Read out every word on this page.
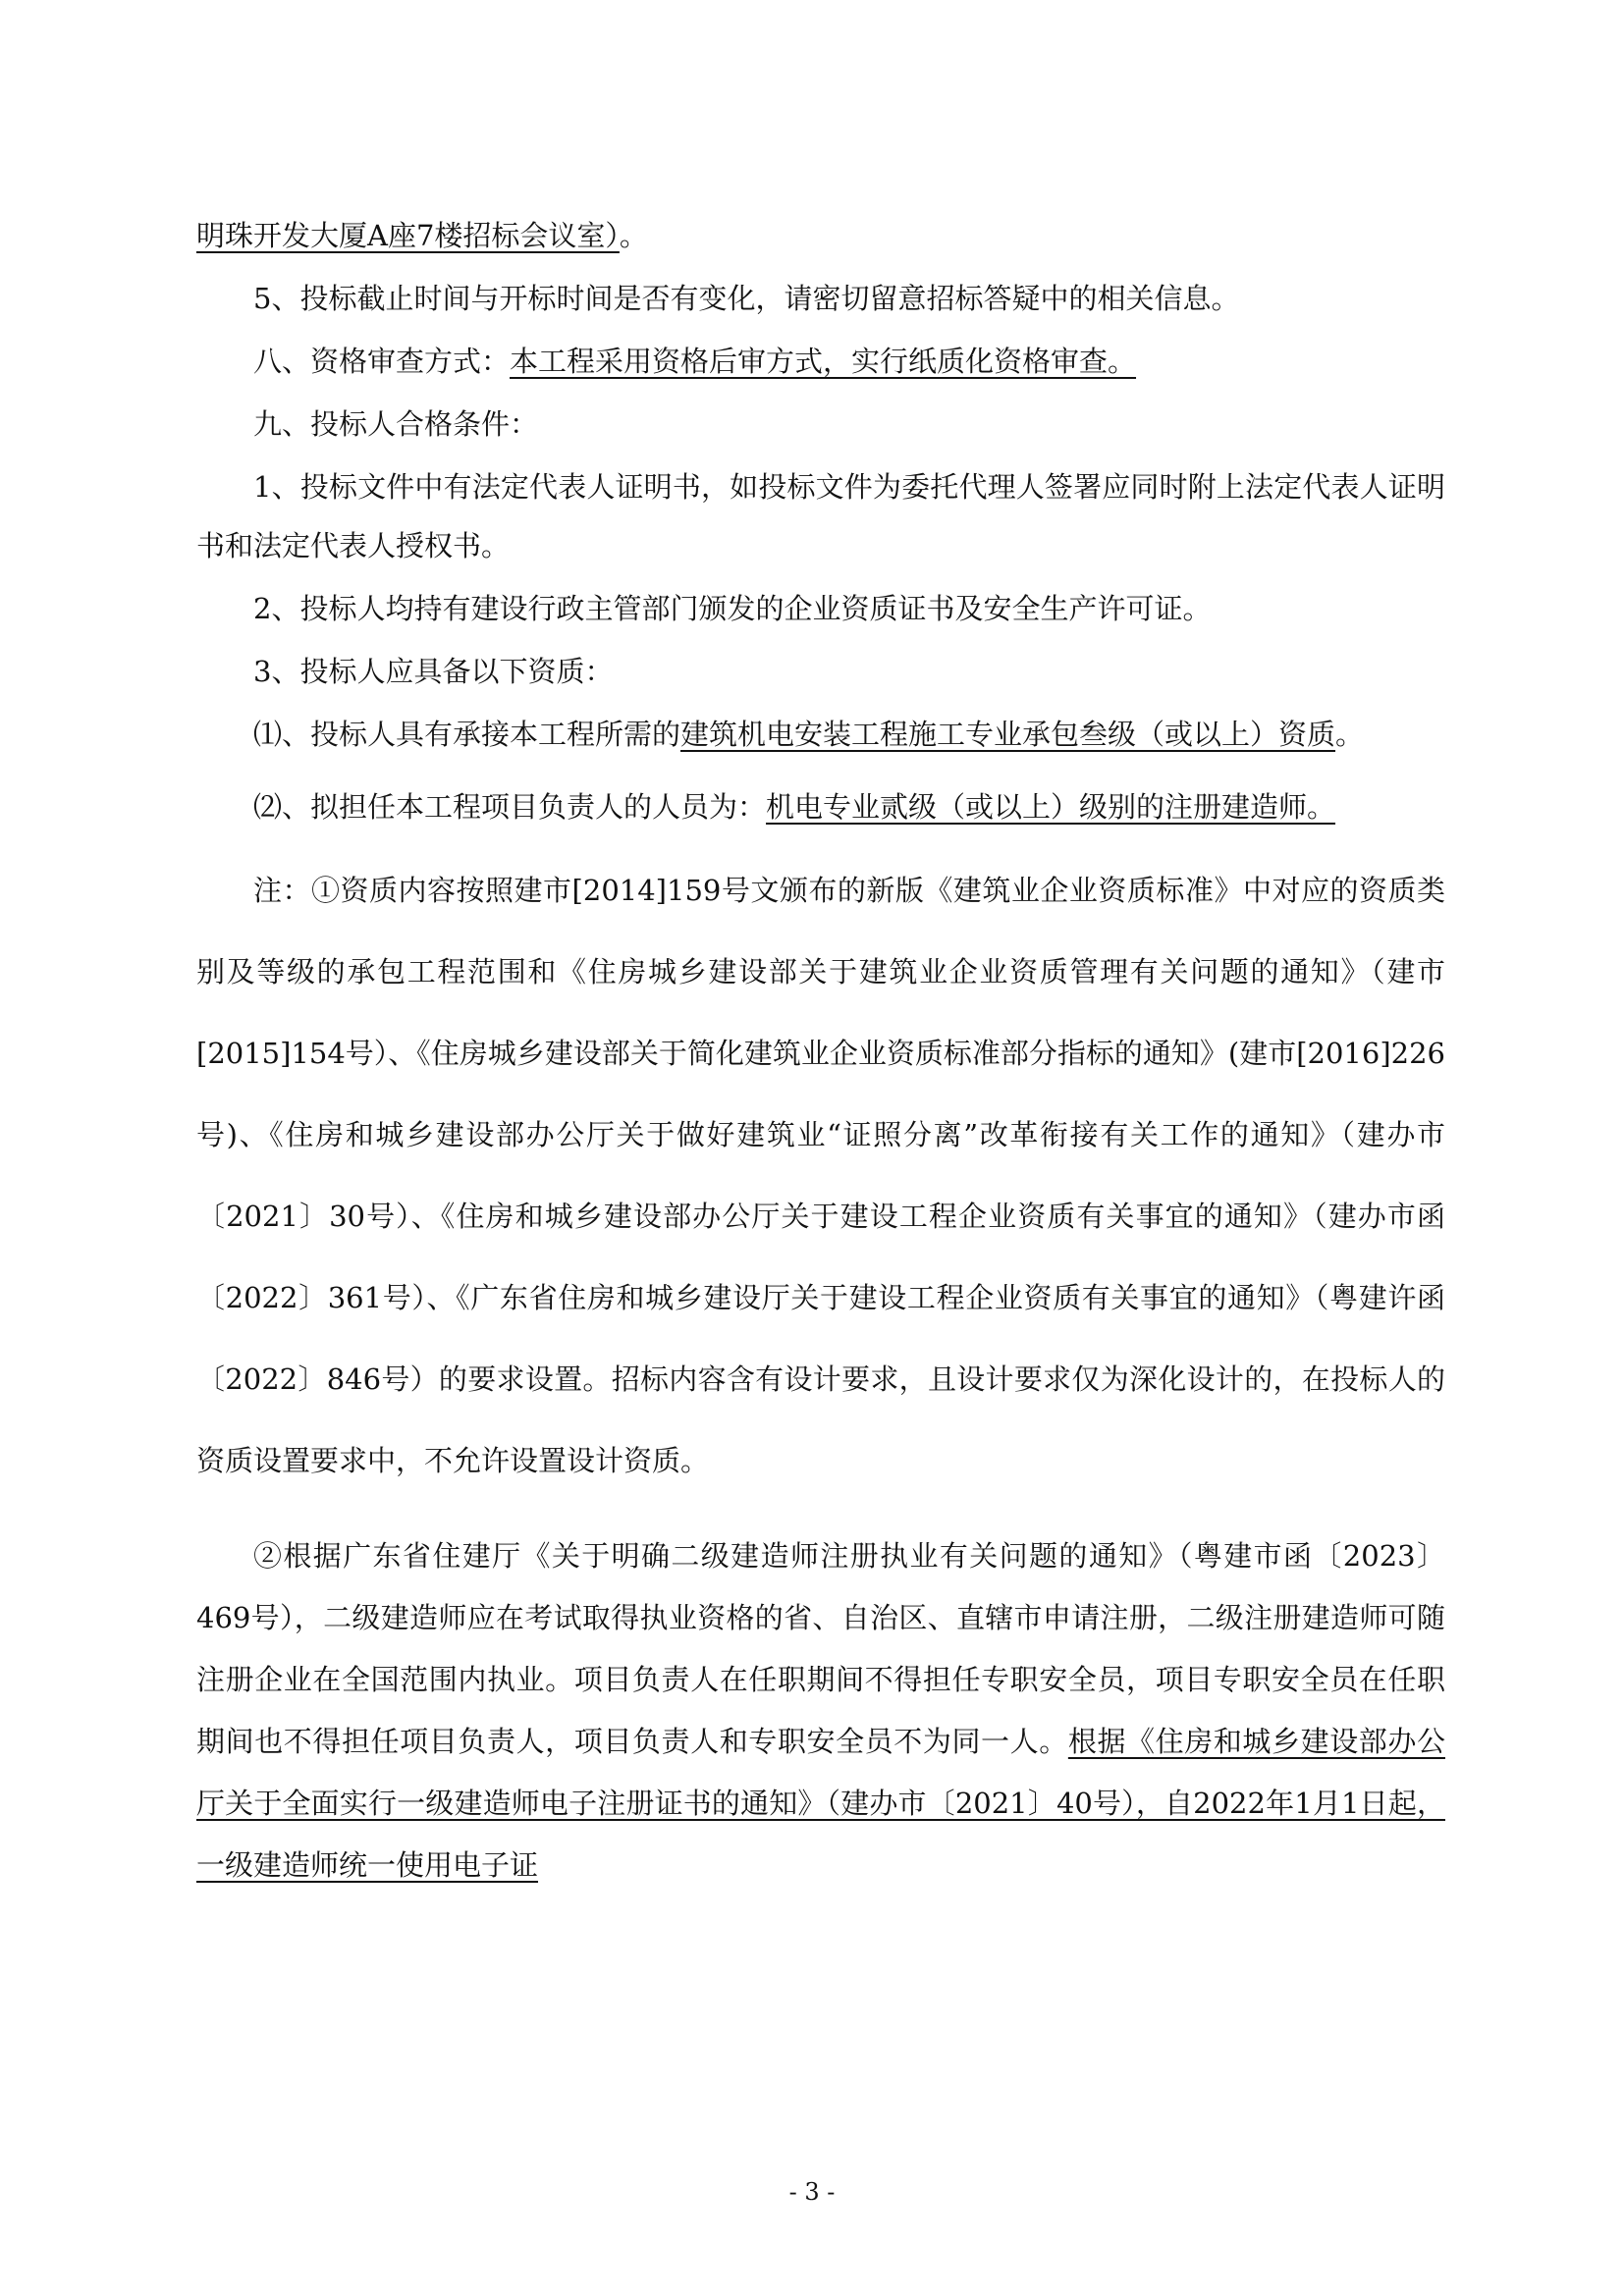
明珠开发大厦A座7楼招标会议室）。

5、投标截止时间与开标时间是否有变化，请密切留意招标答疑中的相关信息。

八、资格审查方式：本工程采用资格后审方式，实行纸质化资格审查。

九、投标人合格条件：

1、投标文件中有法定代表人证明书，如投标文件为委托代理人签署应同时附上法定代表人证明书和法定代表人授权书。

2、投标人均持有建设行政主管部门颁发的企业资质证书及安全生产许可证。

3、投标人应具备以下资质：

⑴、投标人具有承接本工程所需的建筑机电安装工程施工专业承包叁级（或以上）资质。

⑵、拟担任本工程项目负责人的人员为：机电专业贰级（或以上）级别的注册建造师。

注：①资质内容按照建市[2014]159号文颁布的新版《建筑业企业资质标准》中对应的资质类别及等级的承包工程范围和《住房城乡建设部关于建筑业企业资质管理有关问题的通知》（建市[2015]154号）、《住房城乡建设部关于简化建筑业企业资质标准部分指标的通知》(建市[2016]226号)、《住房和城乡建设部办公厅关于做好建筑业“证照分离”改革衔接有关工作的通知》（建办市〔2021〕30号）、《住房和城乡建设部办公厅关于建设工程企业资质有关事宜的通知》（建办市函〔2022〕361号）、《广东省住房和城乡建设厅关于建设工程企业资质有关事宜的通知》（粤建许函〔2022〕846号）的要求设置。招标内容含有设计要求，且设计要求仅为深化设计的，在投标人的资质设置要求中，不允许设置设计资质。

②根据广东省住建厅《关于明确二级建造师注册执业有关问题的通知》（粤建市函〔2023〕469号），二级建造师应在考试取得执业资格的省、自治区、直辖市申请注册，二级注册建造师可随注册企业在全国范围内执业。项目负责人在任职期间不得担任专职安全员，项目专职安全员在任职期间也不得担任项目负责人，项目负责人和专职安全员不为同一人。根据《住房和城乡建设部办公厅关于全面实行一级建造师电子注册证书的通知》（建办市〔2021〕40号），自2022年1月1日起，一级建造师统一使用电子证

- 3 -
